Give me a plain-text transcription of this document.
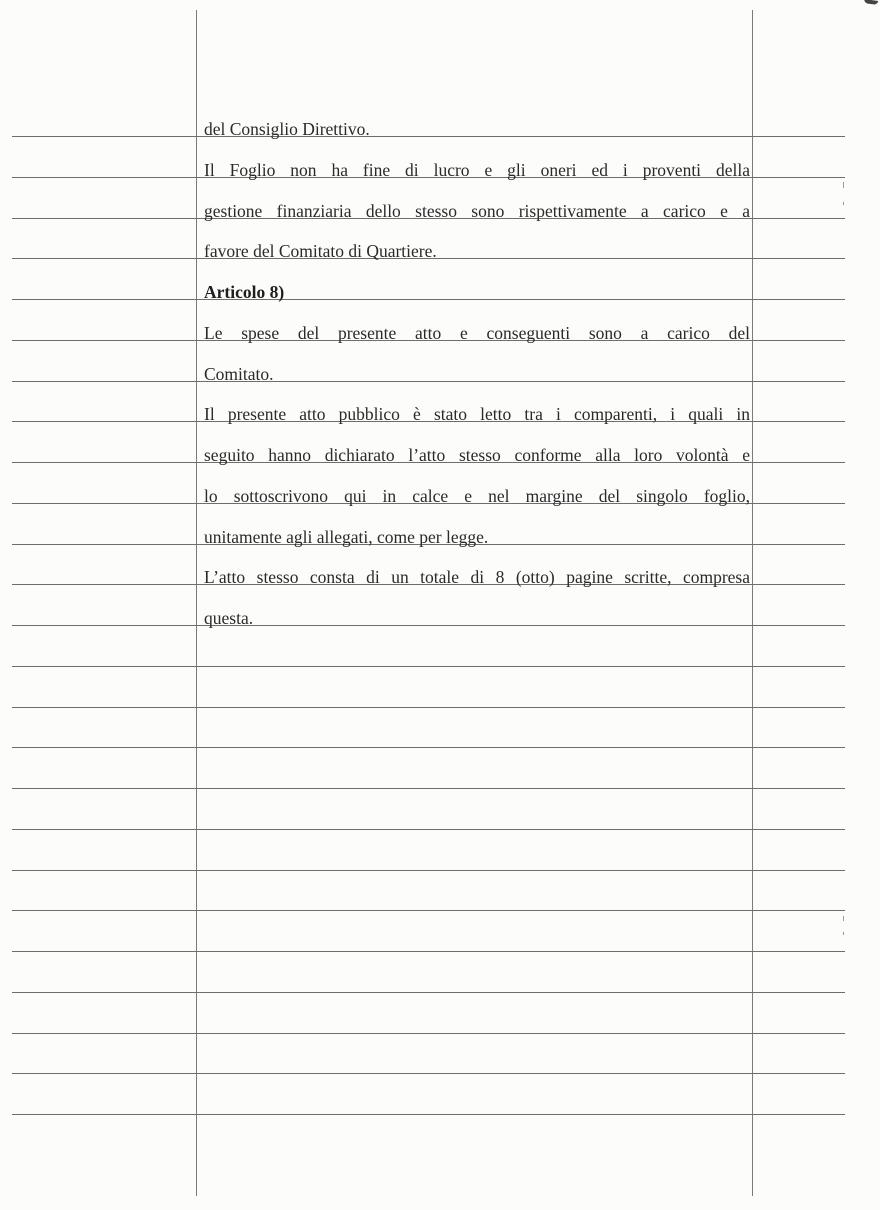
del Consiglio Direttivo.
Il Foglio non ha fine di lucro e gli oneri ed i proventi della
gestione finanziaria dello stesso sono rispettivamente a carico e a
favore del Comitato di Quartiere.
Articolo 8)
Le spese del presente atto e conseguenti sono a carico del
Comitato.
Il presente atto pubblico è stato letto tra i comparenti, i quali in
seguito hanno dichiarato l’atto stesso conforme alla loro volontà e
lo sottoscrivono qui in calce e nel margine del singolo foglio,
unitamente agli allegati, come per legge.
L’atto stesso consta di un totale di 8 (otto) pagine scritte, compresa
questa.
